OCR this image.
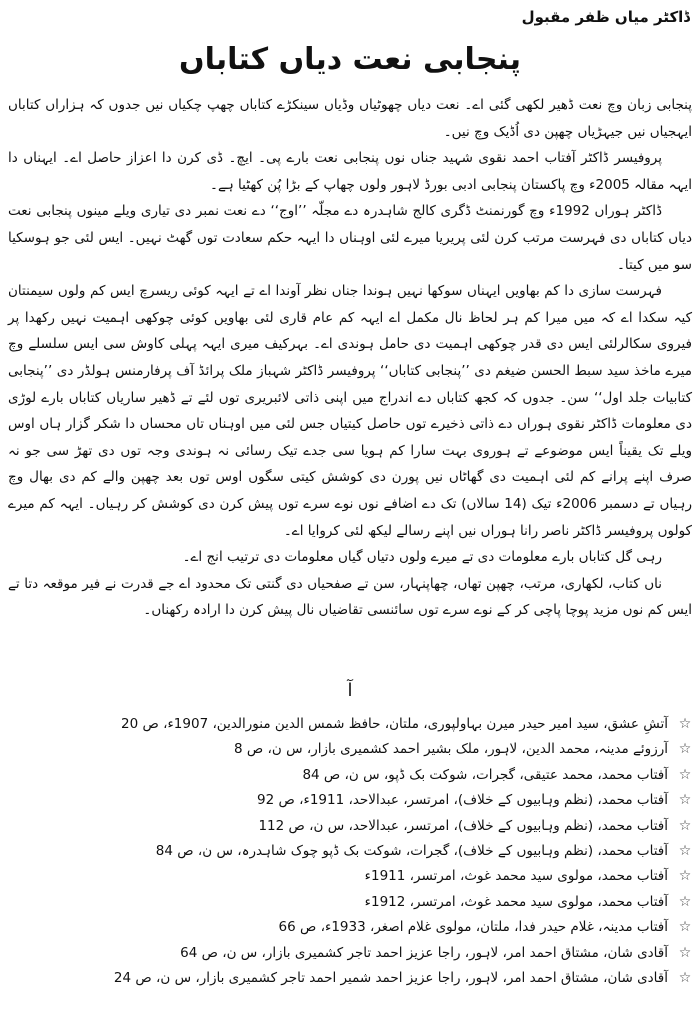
ڈاکٹر میاں ظفر مقبول
پنجابی نعت دیاں کتاباں

پنجابی زبان وچ نعت ڈھیر لکھی گئی اے۔ نعت دیاں چھوٹیاں وڈیاں سینکڑے کتاباں چھپ چکیاں نیں جدوں کہ ہزاراں کتاباں ایہجیاں نیں جیہڑیاں چھپن دی اُڈیک وچ نیں۔

پروفیسر ڈاکٹر آفتاب احمد نقوی شہید جناں نوں پنجابی نعت بارے پی۔ ایچ۔ ڈی کرن دا اعزاز حاصل اے۔ ایہناں دا ایہہ مقالہ 2005ء وچ پاکستان پنجابی ادبی بورڈ لاہور ولوں چھاپ کے بڑا پُن کھٹیا ہے۔

ڈاکٹر ہوراں 1992ء وچ گورنمنٹ ڈگری کالج شاہدرہ دے مجلّہ ’’اوج‘‘ دے نعت نمبر دی تیاری ویلے مینوں پنجابی نعت دیاں کتاباں دی فہرست مرتب کرن لئی پریریا میرے لئی اوہناں دا ایہہ حکم سعادت توں گھٹ نہیں۔ ایس لئی جو ہوسکیا سو میں کیتا۔

فہرست سازی دا کم بھاویں ایہناں سوکھا نہیں ہوندا جناں نظر آوندا اے تے ایہہ کوئی ریسرچ ایس کم ولوں سیمنتان کیہ سکدا اے کہ میں میرا کم ہر لحاظ نال مکمل اے ایہہ کم عام قاری لئی بھاویں کوئی چوکھی اہمیت نہیں رکھدا پر فیروی سکالرلئی ایس دی قدر چوکھی اہمیت دی حامل ہوندی اے۔ بہرکیف میری ایہہ پہلی کاوش سی ایس سلسلے وچ میرے ماخذ سید سبط الحسن ضیغم دی ’’پنجابی کتاباں‘‘ پروفیسر ڈاکٹر شہباز ملک پرائڈ آف پرفارمنس ہولڈر دی ’’پنجابی کتابیات جلد اول‘‘ سن۔ جدوں کہ کجھ کتاباں دے اندراج میں اپنی ذاتی لائبریری توں لئے تے ڈھیر ساریاں کتاباں بارے لوڑی دی معلومات ڈاکٹر نقوی ہوراں دے ذاتی ذخیرے توں حاصل کیتیاں جس لئی میں اوہناں تاں محساں دا شکر گزار ہاں اوس ویلے تک یقیناً ایس موضوعے تے ہوروی بہت سارا کم ہویا سی جدے تیک رسائی نہ ہوندی وجہ توں دی تھڑ سی جو نہ صرف اپنے پرانے کم لئی اہمیت دی گھاٹاں نیں پورن دی کوشش کیتی سگوں اوس توں بعد چھپن والے کم دی بھال وچ رہیاں تے دسمبر 2006ء تیک (14 سالاں) تک دے اضافے نوں نوے سرے توں پیش کرن دی کوشش کر رہیاں۔ ایہہ کم میرے کولوں پروفیسر ڈاکٹر ناصر رانا ہوراں نیں اپنے رسالے لیکھ لئی کروایا اے۔

رہی گل کتاباں بارے معلومات دی تے میرے ولوں دتیاں گیاں معلومات دی ترتیب انج اے۔

ناں کتاب، لکھاری، مرتب، چھپن تھاں، چھاپنہار، سن تے صفحیاں دی گنتی تک محدود اے جے قدرت نے فیر موقعہ دتا تے ایس کم نوں مزید پوچا پاچی کر کے نوے سرے توں سائنسی تقاضیاں نال پیش کرن دا ارادہ رکھناں۔

آ
☆
آتشِ عشق، سید امیر حیدر میرن بہاولپوری، ملتان، حافظ شمس الدین منورالدین، 1907ء، ص 20
☆
آرزوئے مدینہ، محمد الدین، لاہور، ملک بشیر احمد کشمیری بازار، س ن، ص 8
☆
آفتاب محمد، محمد عتیقی، گجرات، شوکت بک ڈپو، س ن، ص 84
☆
آفتاب محمد، (نظم وہابیوں کے خلاف)، امرتسر، عبدالاحد، 1911ء، ص 92
☆
آفتاب محمد، (نظم وہابیوں کے خلاف)، امرتسر، عبدالاحد، س ن، ص 112
☆
آفتاب محمد، (نظم وہابیوں کے خلاف)، گجرات، شوکت بک ڈپو چوک شاہدرہ، س ن، ص 84
☆
آفتاب محمد، مولوی سید محمد غوث، امرتسر، 1911ء
☆
آفتاب محمد، مولوی سید محمد غوث، امرتسر، 1912ء
☆
آفتاب مدینہ، غلام حیدر فدا، ملتان، مولوی غلام اصغر، 1933ء، ص 66
☆
آقادی شان، مشتاق احمد امر، لاہور، راجا عزیز احمد تاجر کشمیری بازار، س ن، ص 64
☆
آقادی شان، مشتاق احمد امر، لاہور، راجا عزیز احمد شمیر احمد تاجر کشمیری بازار، س ن، ص 24
